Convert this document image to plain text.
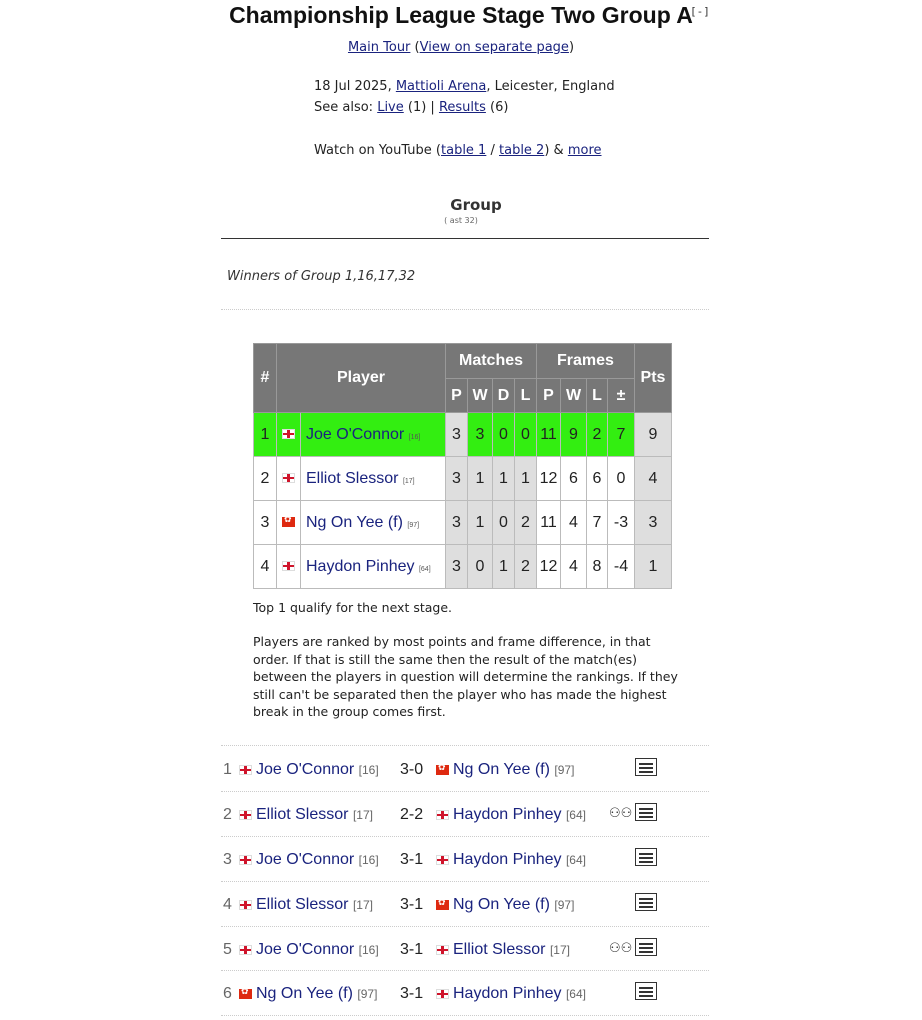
Championship League Stage Two Group A
[-]
Main Tour (View on separate page)
18 Jul 2025, Mattioli Arena, Leicester, England
See also: Live (1) | Results (6)
Watch on YouTube (table 1 / table 2) & more
Group
( ast 32)
Winners of Group 1,16,17,32
#	Player		Matches				Frames				Pts
			P	W	D	L	P	W	L	±	
1		Joe O'Connor [16]	3	3	0	0	11	9	2	7	9
2		Elliot Slessor [17]	3	1	1	1	12	6	6	0	4
3	✿	Ng On Yee (f) [97]	3	1	0	2	11	4	7	-3	3
4		Haydon Pinhey [64]	3	0	1	2	12	4	8	-4	1
Top 1 qualify for the next stage.
Players are ranked by most points and frame difference, in that order. If that is still the same then the result of the match(es) between the players in question will determine the rankings. If they still can't be separated then the player who has made the highest break in the group comes first.
1	Joe O'Connor [16] 3-0 ✿	Ng On Yee (f) [97]
2	Elliot Slessor [17] 2-2	Haydon Pinhey [64] ⚇⚇
3	Joe O'Connor [16] 3-1	Haydon Pinhey [64]
4	Elliot Slessor [17] 3-1 ✿	Ng On Yee (f) [97]
5	Joe O'Connor [16] 3-1	Elliot Slessor [17]	⚇⚇
6 ✿	Ng On Yee (f) [97] 3-1	Haydon Pinhey [64]
